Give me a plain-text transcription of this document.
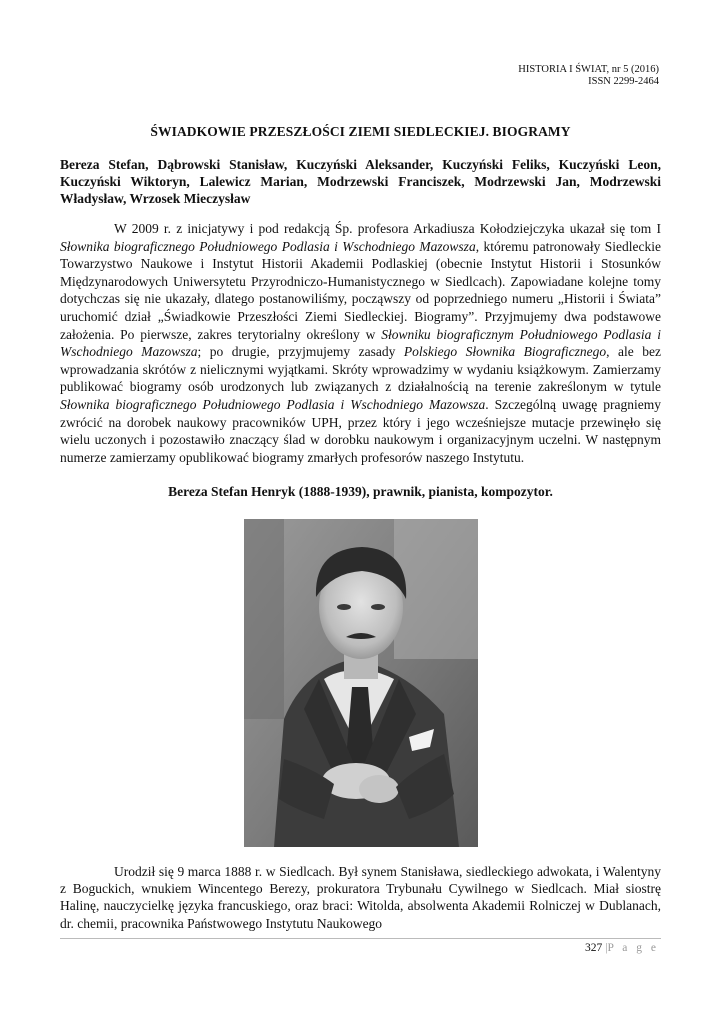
HISTORIA I ŚWIAT, nr 5 (2016)
ISSN 2299-2464
ŚWIADKOWIE PRZESZŁOŚCI ZIEMI SIEDLECKIEJ. BIOGRAMY
Bereza Stefan, Dąbrowski Stanisław, Kuczyński Aleksander, Kuczyński Feliks, Kuczyński Leon, Kuczyński Wiktoryn, Lalewicz Marian, Modrzewski Franciszek, Modrzewski Jan, Modrzewski Władysław, Wrzosek Mieczysław

W 2009 r. z inicjatywy i pod redakcją Śp. profesora Arkadiusza Kołodziejczyka ukazał się tom I Słownika biograficznego Południowego Podlasia i Wschodniego Mazowsza, któremu patronowały Siedleckie Towarzystwo Naukowe i Instytut Historii Akademii Podlaskiej (obecnie Instytut Historii i Stosunków Międzynarodowych Uniwersytetu Przyrodniczo-Humanistycznego w Siedlcach). Zapowiadane kolejne tomy dotychczas się nie ukazały, dlatego postanowiliśmy, począwszy od poprzedniego numeru „Historii i Świata” uruchomić dział „Świadkowie Przeszłości Ziemi Siedleckiej. Biogramy”. Przyjmujemy dwa podstawowe założenia. Po pierwsze, zakres terytorialny określony w Słowniku biograficznym Południowego Podlasia i Wschodniego Mazowsza; po drugie, przyjmujemy zasady Polskiego Słownika Biograficznego, ale bez wprowadzania skrótów z nielicznymi wyjątkami. Skróty wprowadzimy w wydaniu książkowym. Zamierzamy publikować biogramy osób urodzonych lub związanych z działalnością na terenie zakreślonym w tytule Słownika biograficznego Południowego Podlasia i Wschodniego Mazowsza. Szczególną uwagę pragniemy zwrócić na dorobek naukowy pracowników UPH, przez który i jego wcześniejsze mutacje przewinęło się wielu uczonych i pozostawiło znaczący ślad w dorobku naukowym i organizacyjnym uczelni. W następnym numerze zamierzamy opublikować biogramy zmarłych profesorów naszego Instytutu.

Bereza Stefan Henryk (1888-1939), prawnik, pianista, kompozytor.

Urodził się 9 marca 1888 r. w Siedlcach. Był synem Stanisława, siedleckiego adwokata, i Walentyny z Boguckich, wnukiem Wincentego Berezy, prokuratora Trybunału Cywilnego w Siedlcach. Miał siostrę Halinę, nauczycielkę języka francuskiego, oraz braci: Witolda, absolwenta Akademii Rolniczej w Dublanach, dr. chemii, pracownika Państwowego Instytutu Naukowego

327 |P a g e
